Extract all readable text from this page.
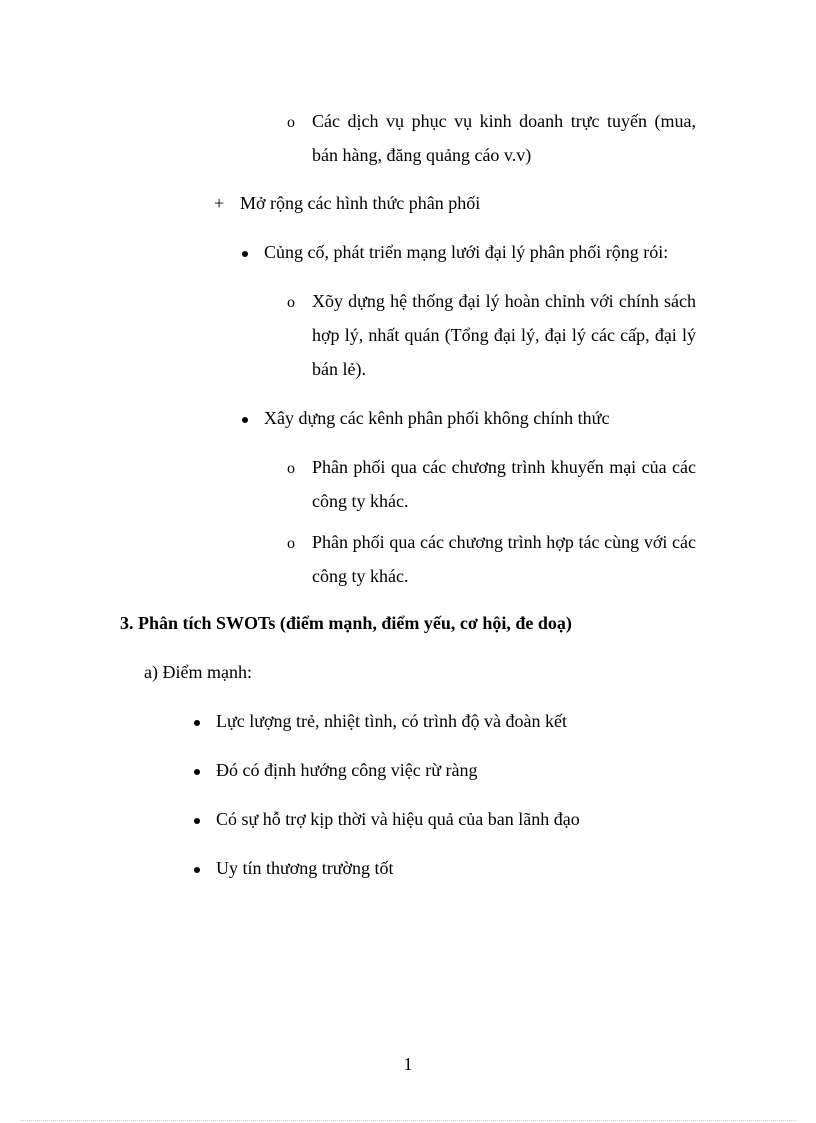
o Các dịch vụ phục vụ kinh doanh trực tuyến (mua, bán hàng, đăng quảng cáo v.v)
+ Mở rộng các hình thức phân phối
Củng cố, phát triển mạng lưới đại lý phân phối rộng rói:
o Xõy dựng hệ thống đại lý hoàn chỉnh với chính sách hợp lý, nhất quán (Tổng đại lý, đại lý các cấp, đại lý bán lẻ).
Xây dựng các kênh phân phối không chính thức
o Phân phối qua các chương trình khuyến mại của các công ty khác.
o Phân phối qua các chương trình hợp tác cùng với các công ty khác.
3. Phân tích SWOTs (điểm mạnh, điểm yếu, cơ hội, đe doạ)
a) Điểm mạnh:
Lực lượng trẻ, nhiệt tình, có trình độ và đoàn kết
Đó có định hướng công việc rừ ràng
Có sự hỗ trợ kịp thời và hiệu quả của ban lãnh đạo
Uy tín thương trường tốt
1
